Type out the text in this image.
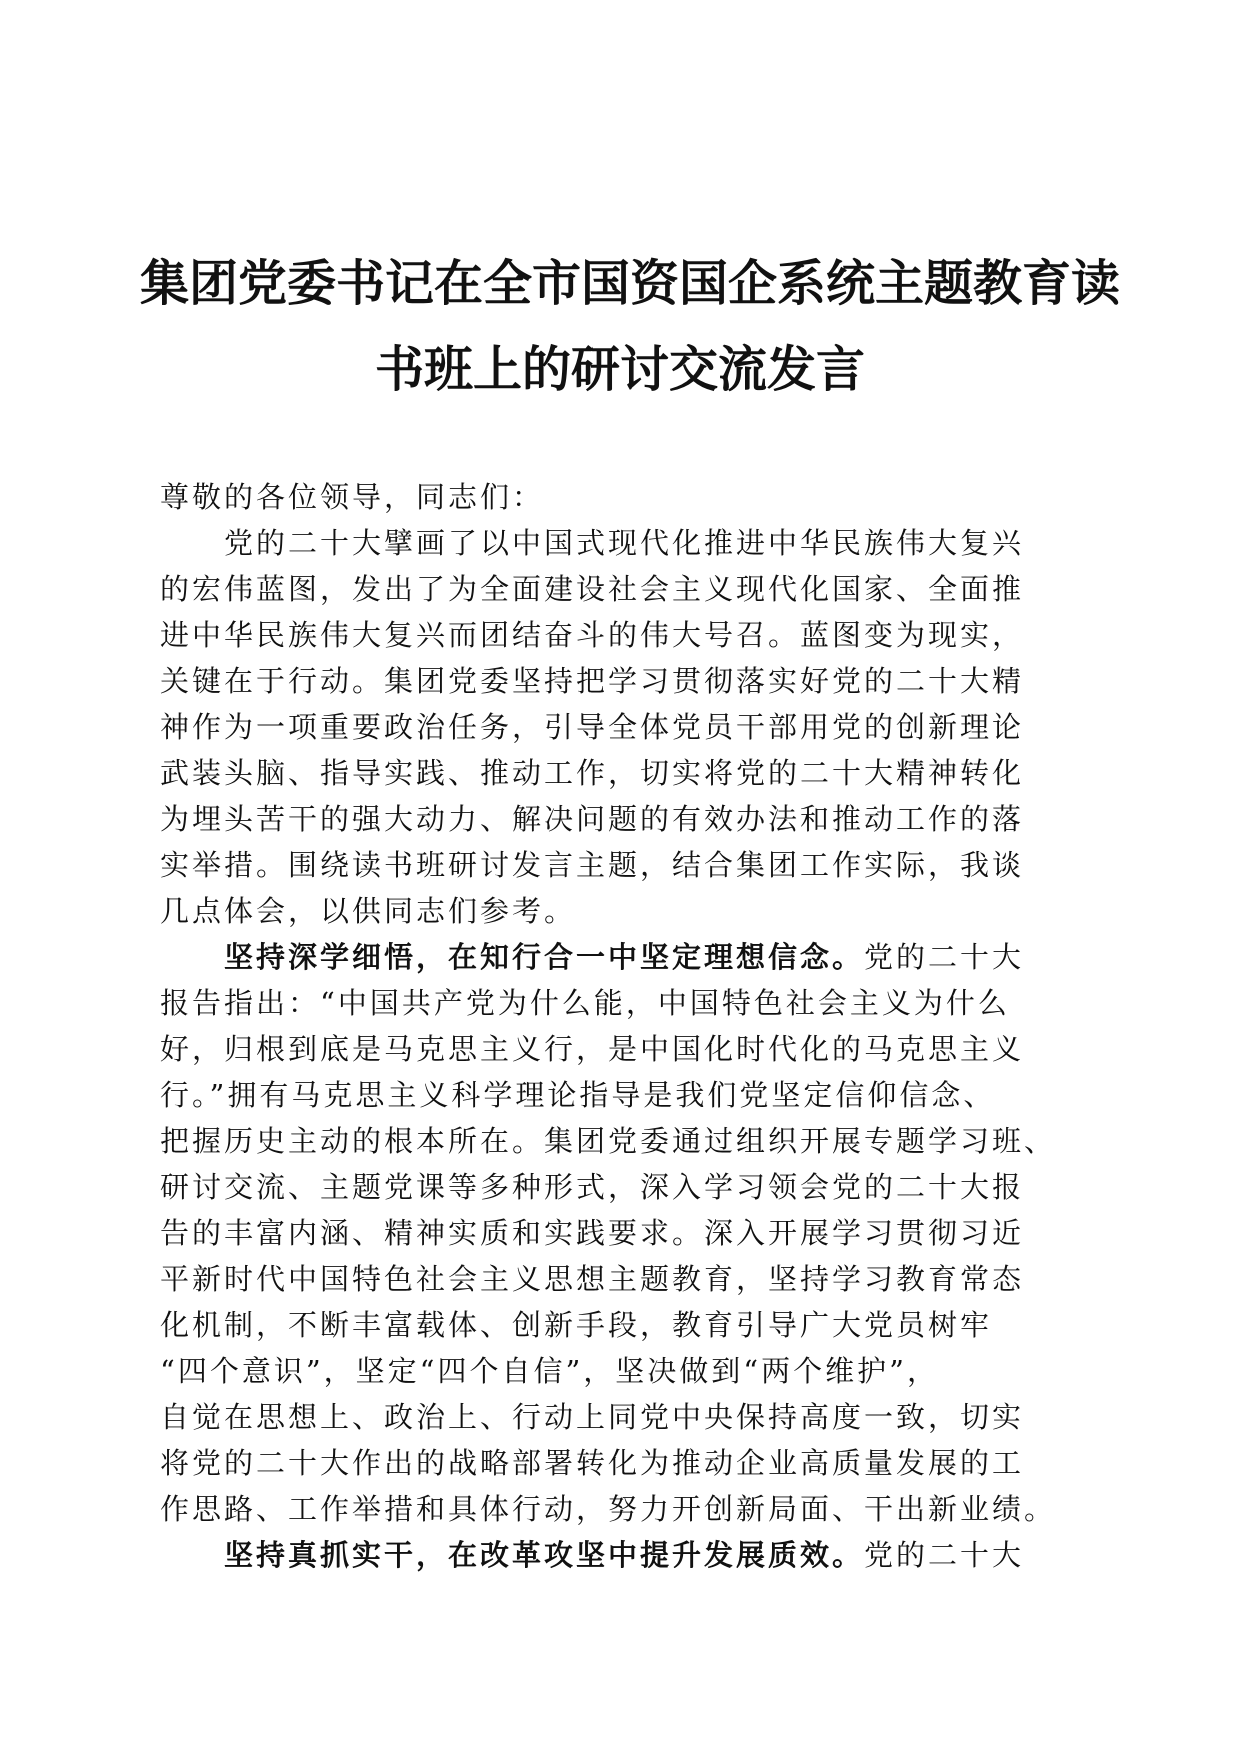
集团党委书记在全市国资国企系统主题教育读
书班上的研讨交流发言
尊敬的各位领导，同志们：
党的二十大擘画了以中国式现代化推进中华民族伟大复兴
的宏伟蓝图，发出了为全面建设社会主义现代化国家、全面推
进中华民族伟大复兴而团结奋斗的伟大号召。蓝图变为现实，
关键在于行动。集团党委坚持把学习贯彻落实好党的二十大精
神作为一项重要政治任务，引导全体党员干部用党的创新理论
武装头脑、指导实践、推动工作，切实将党的二十大精神转化
为埋头苦干的强大动力、解决问题的有效办法和推动工作的落
实举措。围绕读书班研讨发言主题，结合集团工作实际，我谈
几点体会，以供同志们参考。
坚持深学细悟，在知行合一中坚定理想信念。党的二十大
报告指出：“中国共产党为什么能，中国特色社会主义为什么
好，归根到底是马克思主义行，是中国化时代化的马克思主义
行。”拥有马克思主义科学理论指导是我们党坚定信仰信念、
把握历史主动的根本所在。集团党委通过组织开展专题学习班、
研讨交流、主题党课等多种形式，深入学习领会党的二十大报
告的丰富内涵、精神实质和实践要求。深入开展学习贯彻习近
平新时代中国特色社会主义思想主题教育，坚持学习教育常态
化机制，不断丰富载体、创新手段，教育引导广大党员树牢
“四个意识”，坚定“四个自信”，坚决做到“两个维护”，
自觉在思想上、政治上、行动上同党中央保持高度一致，切实
将党的二十大作出的战略部署转化为推动企业高质量发展的工
作思路、工作举措和具体行动，努力开创新局面、干出新业绩。
坚持真抓实干，在改革攻坚中提升发展质效。党的二十大
